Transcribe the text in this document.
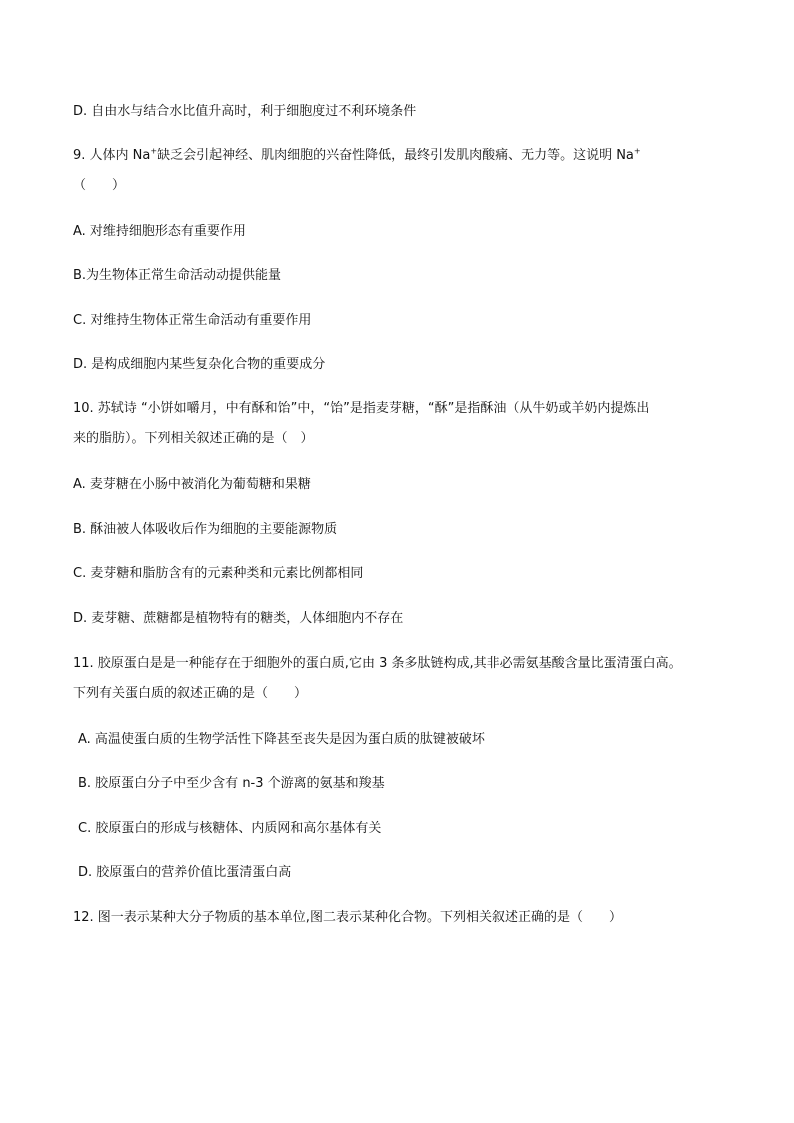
D. 自由水与结合水比值升高时，利于细胞度过不利环境条件
9. 人体内 Na+缺乏会引起神经、肌肉细胞的兴奋性降低，最终引发肌肉酸痛、无力等。这说明 Na+
（　　）
A. 对维持细胞形态有重要作用
B.为生物体正常生命活动动提供能量
C. 对维持生物体正常生命活动有重要作用
D. 是构成细胞内某些复杂化合物的重要成分
10. 苏轼诗 “小饼如嚼月，中有酥和饴”中，“饴”是指麦芽糖，“酥”是指酥油（从牛奶或羊奶内提炼出
来的脂肪）。下列相关叙述正确的是（　）
A. 麦芽糖在小肠中被消化为葡萄糖和果糖
B. 酥油被人体吸收后作为细胞的主要能源物质
C. 麦芽糖和脂肪含有的元素种类和元素比例都相同
D. 麦芽糖、蔗糖都是植物特有的糖类，人体细胞内不存在
11. 胶原蛋白是是一种能存在于细胞外的蛋白质,它由 3 条多肽链构成,其非必需氨基酸含量比蛋清蛋白高。
下列有关蛋白质的叙述正确的是（　　）
A. 高温使蛋白质的生物学活性下降甚至丧失是因为蛋白质的肽键被破坏
B. 胶原蛋白分子中至少含有 n-3 个游离的氨基和羧基
C. 胶原蛋白的形成与核糖体、内质网和高尔基体有关
D. 胶原蛋白的营养价值比蛋清蛋白高
12. 图一表示某种大分子物质的基本单位,图二表示某种化合物。下列相关叙述正确的是（　　）
